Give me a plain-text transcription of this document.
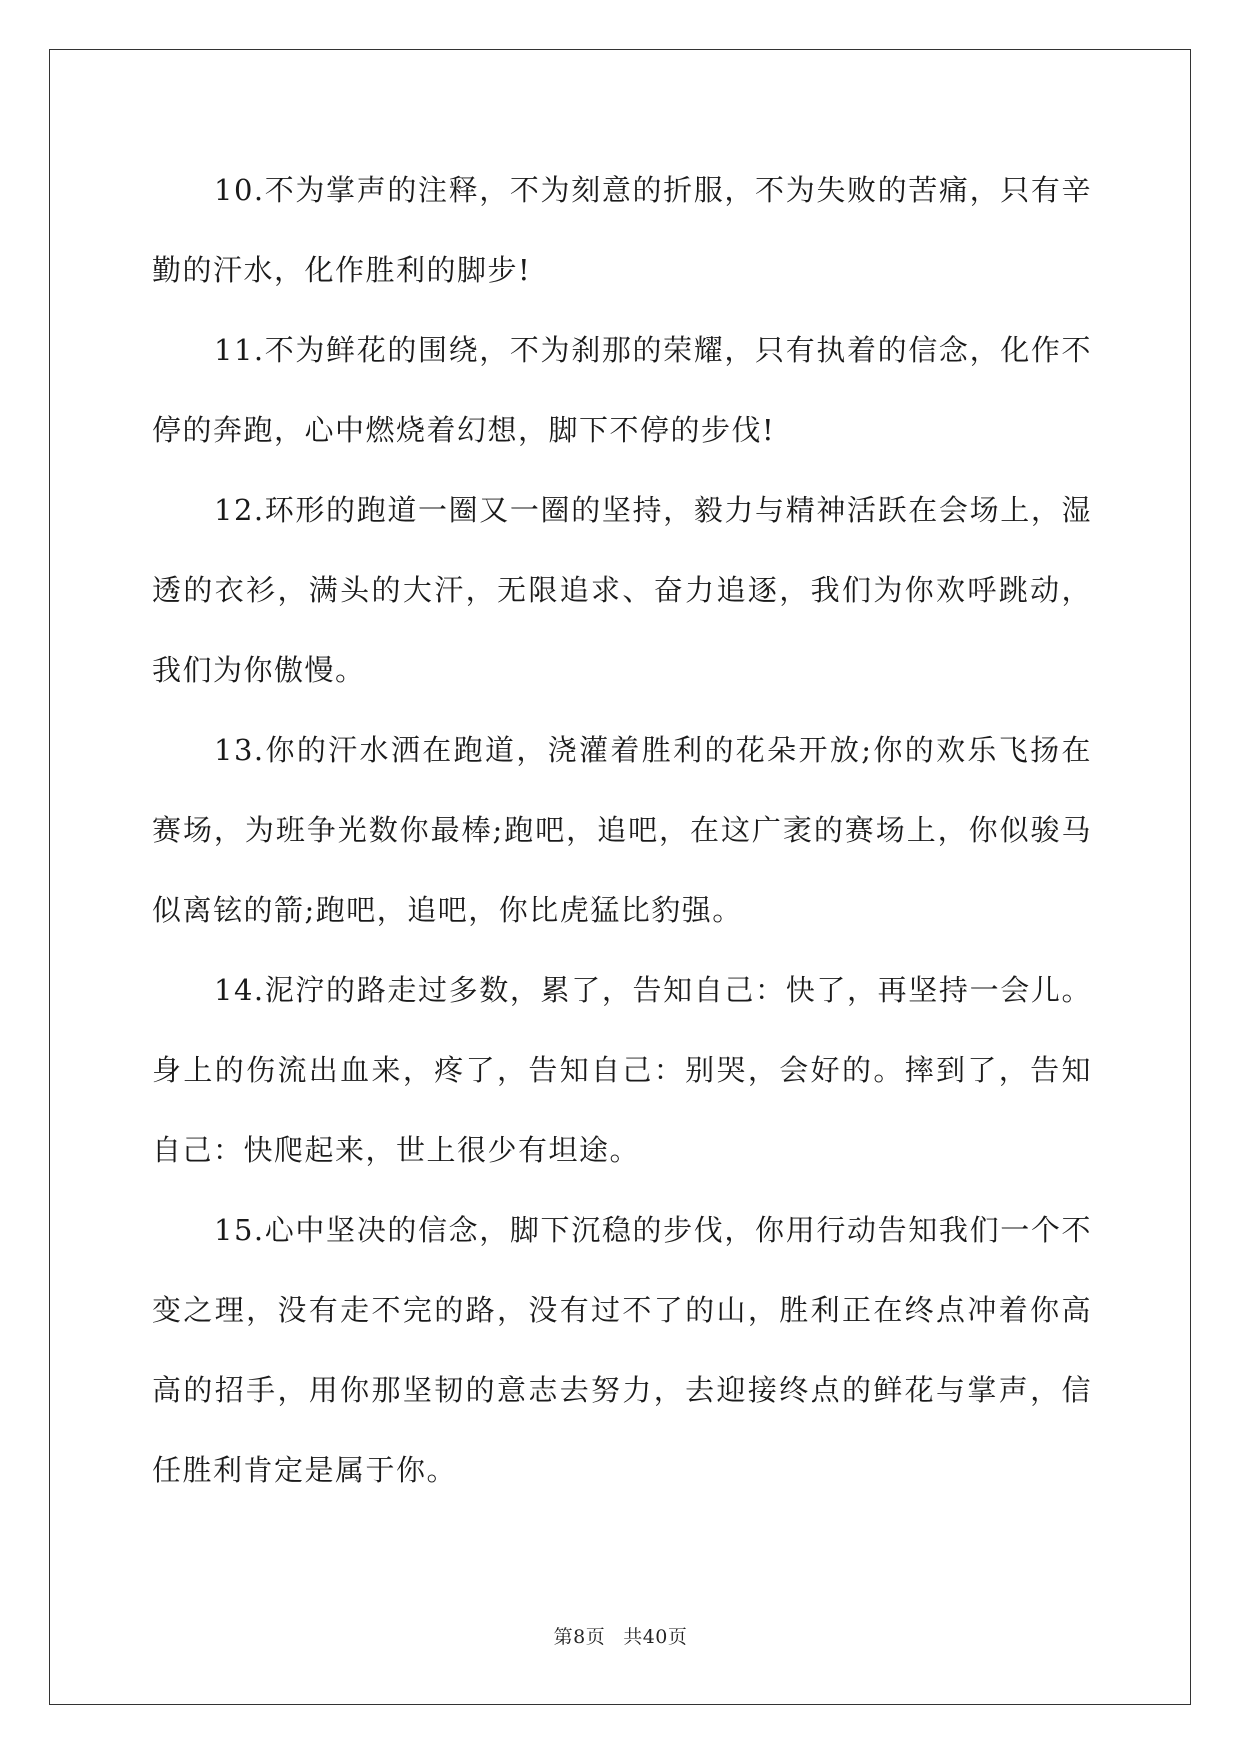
10.不为掌声的注释，不为刻意的折服，不为失败的苦痛，只有辛勤的汗水，化作胜利的脚步!

11.不为鲜花的围绕，不为刹那的荣耀，只有执着的信念，化作不停的奔跑，心中燃烧着幻想，脚下不停的步伐!

12.环形的跑道一圈又一圈的坚持，毅力与精神活跃在会场上，湿透的衣衫，满头的大汗，无限追求、奋力追逐，我们为你欢呼跳动，我们为你傲慢。

13.你的汗水洒在跑道，浇灌着胜利的花朵开放;你的欢乐飞扬在赛场，为班争光数你最棒;跑吧，追吧，在这广袤的赛场上，你似骏马似离铉的箭;跑吧，追吧，你比虎猛比豹强。

14.泥泞的路走过多数，累了，告知自己：快了，再坚持一会儿。身上的伤流出血来，疼了，告知自己：别哭，会好的。摔到了，告知自己：快爬起来，世上很少有坦途。

15.心中坚决的信念，脚下沉稳的步伐，你用行动告知我们一个不变之理，没有走不完的路，没有过不了的山，胜利正在终点冲着你高高的招手，用你那坚韧的意志去努力，去迎接终点的鲜花与掌声，信任胜利肯定是属于你。

第8页 共40页
